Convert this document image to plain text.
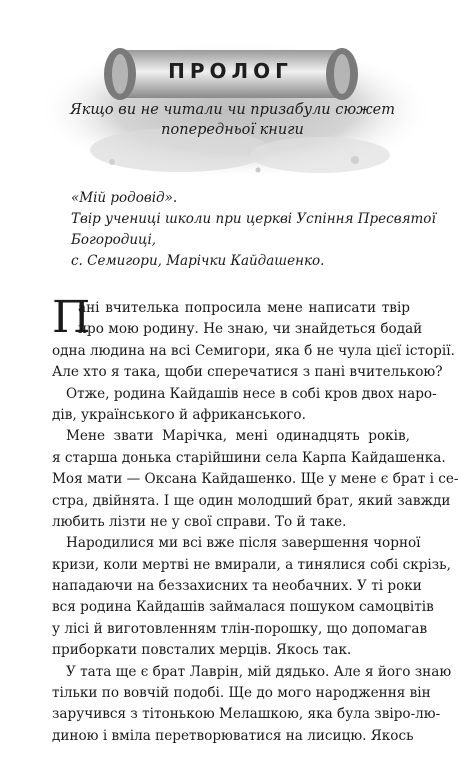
ПРОЛОГ
Якщо ви не читали чи призабули сюжет
попередньої книги
«Мій родовід».
Твір учениці школи при церкві Успіння Пресвятої
Богородиці,
с. Семигори, Марічки Кайдашенко.
П
ані вчителька попросила мене написати твір
про мою родину. Не знаю, чи знайдеться бодай
одна людина на всі Семигори, яка б не чула цієї історії.
Але хто я така, щоби сперечатися з пані вчителькою?
Отже, родина Кайдашів несе в собі кров двох наро-
дів, українського й африканського.
Мене звати Марічка, мені одинадцять років,
я старша донька старійшини села Карпа Кайдашенка.
Моя мати — Оксана Кайдашенко. Ще у мене є брат і се-
стра, двійнята. І ще один молодший брат, який завжди
любить лізти не у свої справи. То й таке.
Народилися ми всі вже після завершення чорної
кризи, коли мертві не вмирали, а тинялися собі скрізь,
нападаючи на беззахисних та необачних. У ті роки
вся родина Кайдашів займалася пошуком самоцвітів
у лісі й виготовленням тлін-порошку, що допомагав
приборкати повсталих мерців. Якось так.
У тата ще є брат Лаврін, мій дядько. Але я його знаю
тільки по вовчій подобі. Ще до мого народження він
заручився з тітонькою Мелашкою, яка була звіро-лю-
диною і вміла перетворюватися на лисицю. Якось
